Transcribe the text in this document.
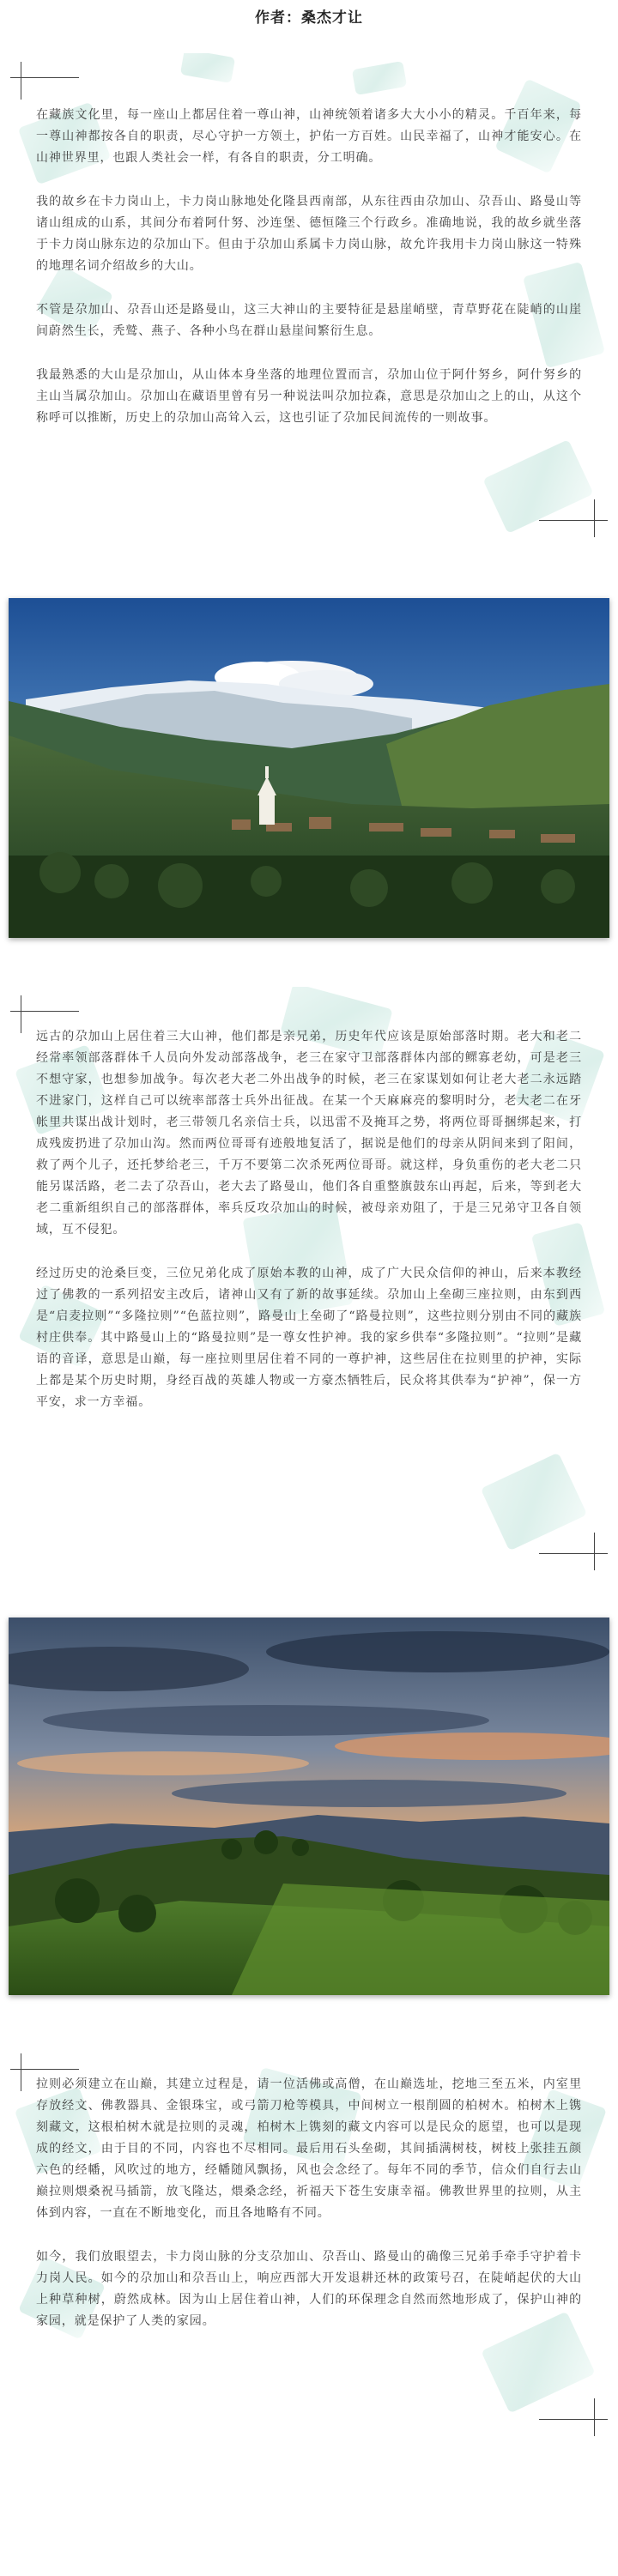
作者：桑杰才让

在藏族文化里，每一座山上都居住着一尊山神，山神统领着诸多大大小小的精灵。千百年来，每一尊山神都按各自的职责，尽心守护一方领土，护佑一方百姓。山民幸福了，山神才能安心。在山神世界里，也跟人类社会一样，有各自的职责，分工明确。

我的故乡在卡力岗山上，卡力岗山脉地处化隆县西南部，从东往西由尕加山、尕吾山、路曼山等诸山组成的山系，其间分布着阿什努、沙连堡、德恒隆三个行政乡。准确地说，我的故乡就坐落于卡力岗山脉东边的尕加山下。但由于尕加山系属卡力岗山脉，故允许我用卡力岗山脉这一特殊的地理名词介绍故乡的大山。

不管是尕加山、尕吾山还是路曼山，这三大神山的主要特征是悬崖峭壁，青草野花在陡峭的山崖间蔚然生长，秃鹫、燕子、各种小鸟在群山悬崖间繁衍生息。

我最熟悉的大山是尕加山，从山体本身坐落的地理位置而言，尕加山位于阿什努乡，阿什努乡的主山当属尕加山。尕加山在藏语里曾有另一种说法叫尕加拉森，意思是尕加山之上的山，从这个称呼可以推断，历史上的尕加山高耸入云，这也引证了尕加民间流传的一则故事。

远古的尕加山上居住着三大山神，他们都是亲兄弟，历史年代应该是原始部落时期。老大和老二经常率领部落群体千人员向外发动部落战争，老三在家守卫部落群体内部的鳏寡老幼，可是老三不想守家，也想参加战争。每次老大老二外出战争的时候，老三在家谋划如何让老大老二永远踏不进家门，这样自己可以统率部落士兵外出征战。在某一个天麻麻亮的黎明时分，老大老二在牙帐里共谋出战计划时，老三带领几名亲信士兵，以迅雷不及掩耳之势，将两位哥哥捆绑起来，打成残废扔进了尕加山沟。然而两位哥哥有迹般地复活了，据说是他们的母亲从阴间来到了阳间，救了两个儿子，还托梦给老三，千万不要第二次杀死两位哥哥。就这样，身负重伤的老大老二只能另谋活路，老二去了尕吾山，老大去了路曼山，他们各自重整旗鼓东山再起，后来，等到老大老二重新组织自己的部落群体，率兵反攻尕加山的时候，被母亲劝阻了，于是三兄弟守卫各自领域，互不侵犯。

经过历史的沧桑巨变，三位兄弟化成了原始本教的山神，成了广大民众信仰的神山，后来本教经过了佛教的一系列招安主改后，诸神山又有了新的故事延续。尕加山上垒砌三座拉则，由东到西是“启麦拉则”“多隆拉则”“色蓝拉则”，路曼山上垒砌了“路曼拉则”，这些拉则分别由不同的藏族村庄供奉。其中路曼山上的“路曼拉则”是一尊女性护神。我的家乡供奉“多隆拉则”。“拉则”是藏语的音译，意思是山巅，每一座拉则里居住着不同的一尊护神，这些居住在拉则里的护神，实际上都是某个历史时期，身经百战的英雄人物或一方豪杰牺牲后，民众将其供奉为“护神”，保一方平安，求一方幸福。

拉则必须建立在山巅，其建立过程是，请一位活佛或高僧，在山巅选址，挖地三至五米，内室里存放经文、佛教器具、金银珠宝，或弓箭刀枪等模具，中间树立一根削圆的柏树木。柏树木上镌刻藏文，这根柏树木就是拉则的灵魂，柏树木上镌刻的藏文内容可以是民众的愿望，也可以是现成的经文，由于目的不同，内容也不尽相同。最后用石头垒砌，其间插满树枝，树枝上张挂五颜六色的经幡，风吹过的地方，经幡随风飘扬，风也会念经了。每年不同的季节，信众们自行去山巅拉则煨桑祝马插箭，放飞隆达，煨桑念经，祈福天下苍生安康幸福。佛教世界里的拉则，从主体到内容，一直在不断地变化，而且各地略有不同。

如今，我们放眼望去，卡力岗山脉的分支尕加山、尕吾山、路曼山的确像三兄弟手牵手守护着卡力岗人民。如今的尕加山和尕吾山上，响应西部大开发退耕还林的政策号召，在陡峭起伏的大山上种草种树，蔚然成林。因为山上居住着山神，人们的环保理念自然而然地形成了，保护山神的家园，就是保护了人类的家园。
